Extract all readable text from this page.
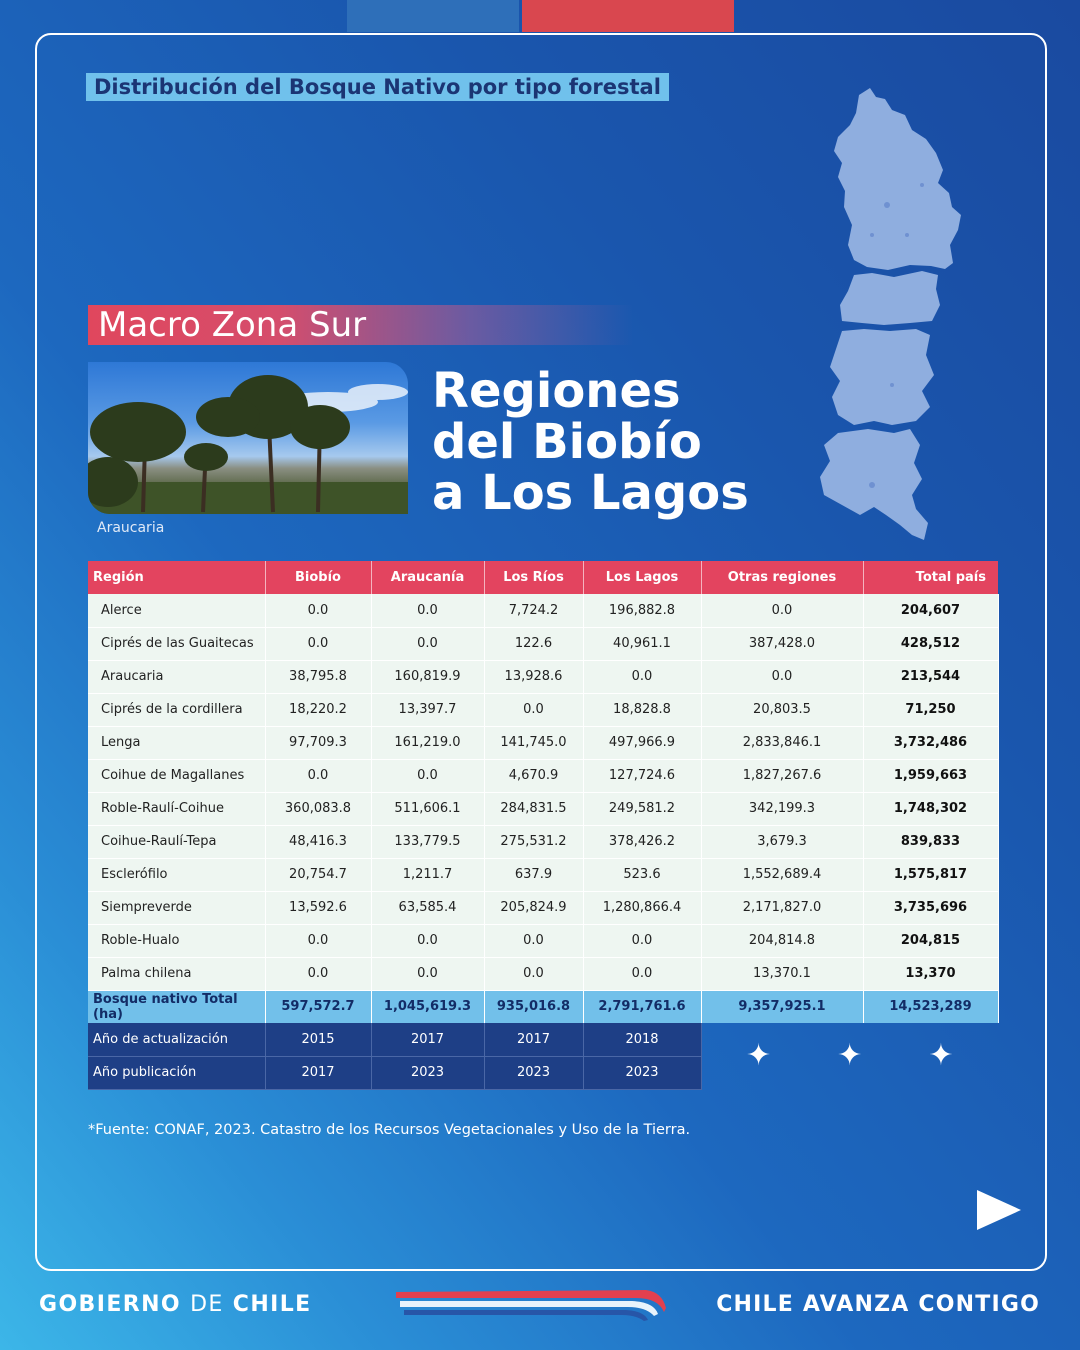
Distribución del Bosque Nativo por tipo forestal
Macro Zona Sur
Araucaria
Regiones
del Biobío
a Los Lagos
Región	Biobío	Araucanía	Los Ríos	Los Lagos	Otras regiones	Total país
Alerce	0.0	0.0	7,724.2	196,882.8	0.0	204,607
Ciprés de las Guaitecas	0.0	0.0	122.6	40,961.1	387,428.0	428,512
Araucaria	38,795.8	160,819.9	13,928.6	0.0	0.0	213,544
Ciprés de la cordillera	18,220.2	13,397.7	0.0	18,828.8	20,803.5	71,250
Lenga	97,709.3	161,219.0	141,745.0	497,966.9	2,833,846.1	3,732,486
Coihue de Magallanes	0.0	0.0	4,670.9	127,724.6	1,827,267.6	1,959,663
Roble-Raulí-Coihue	360,083.8	511,606.1	284,831.5	249,581.2	342,199.3	1,748,302
Coihue-Raulí-Tepa	48,416.3	133,779.5	275,531.2	378,426.2	3,679.3	839,833
Esclerófilo	20,754.7	1,211.7	637.9	523.6	1,552,689.4	1,575,817
Siempreverde	13,592.6	63,585.4	205,824.9	1,280,866.4	2,171,827.0	3,735,696
Roble-Hualo	0.0	0.0	0.0	0.0	204,814.8	204,815
Palma chilena	0.0	0.0	0.0	0.0	13,370.1	13,370
Bosque nativo Total (ha)	597,572.7	1,045,619.3	935,016.8	2,791,761.6	9,357,925.1	14,523,289
Año de actualización	2015	2017	2017	2018	✦ ✦ ✦	
Año publicación	2017	2023	2023	2023		
*Fuente: CONAF, 2023. Catastro de los Recursos Vegetacionales y Uso de la Tierra.
GOBIERNO DE CHILE	CHILE AVANZA CONTIGO
